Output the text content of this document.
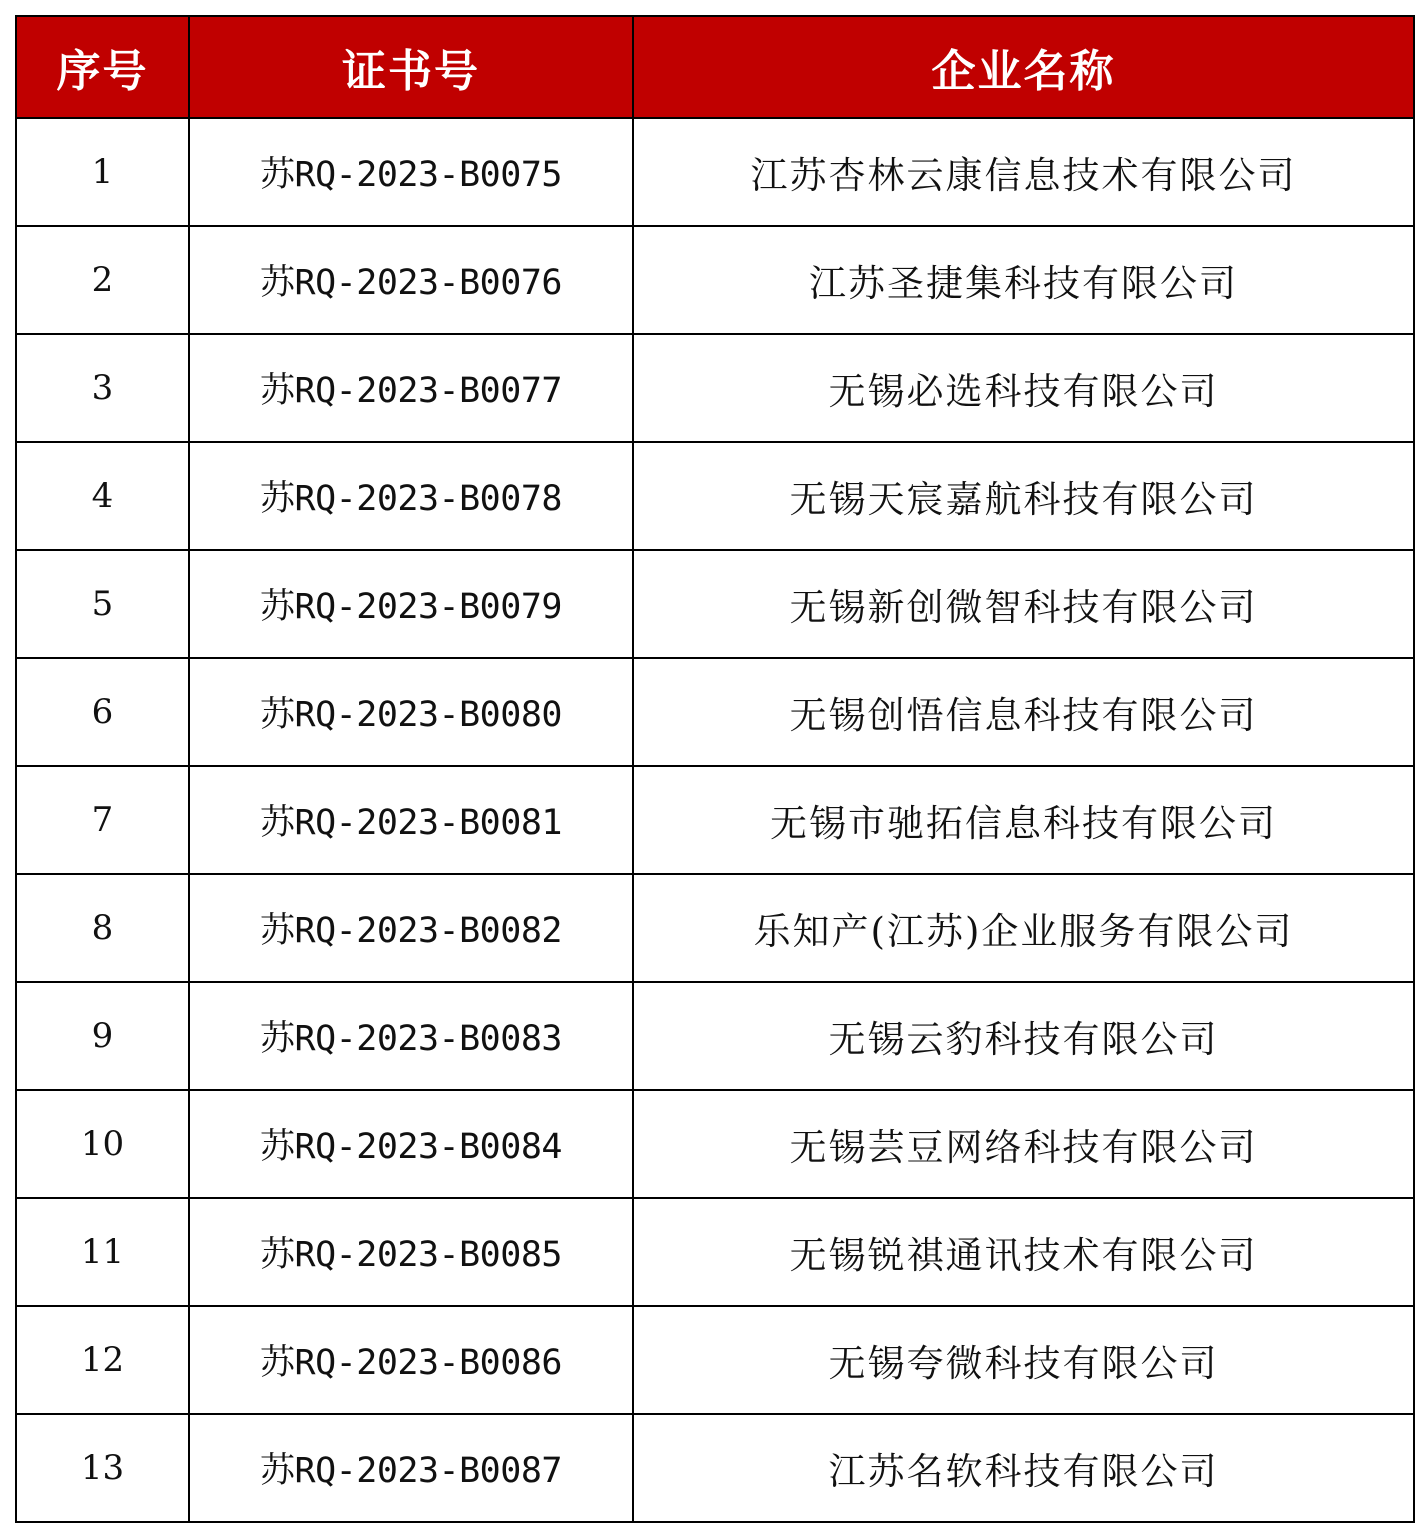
序号	证书号	企业名称
1	苏RQ-2023-B0075	江苏杏林云康信息技术有限公司
2	苏RQ-2023-B0076	江苏圣捷集科技有限公司
3	苏RQ-2023-B0077	无锡必选科技有限公司
4	苏RQ-2023-B0078	无锡天宸嘉航科技有限公司
5	苏RQ-2023-B0079	无锡新创微智科技有限公司
6	苏RQ-2023-B0080	无锡创悟信息科技有限公司
7	苏RQ-2023-B0081	无锡市驰拓信息科技有限公司
8	苏RQ-2023-B0082	乐知产(江苏)企业服务有限公司
9	苏RQ-2023-B0083	无锡云豹科技有限公司
10	苏RQ-2023-B0084	无锡芸豆网络科技有限公司
11	苏RQ-2023-B0085	无锡锐祺通讯技术有限公司
12	苏RQ-2023-B0086	无锡夸微科技有限公司
13	苏RQ-2023-B0087	江苏名软科技有限公司
